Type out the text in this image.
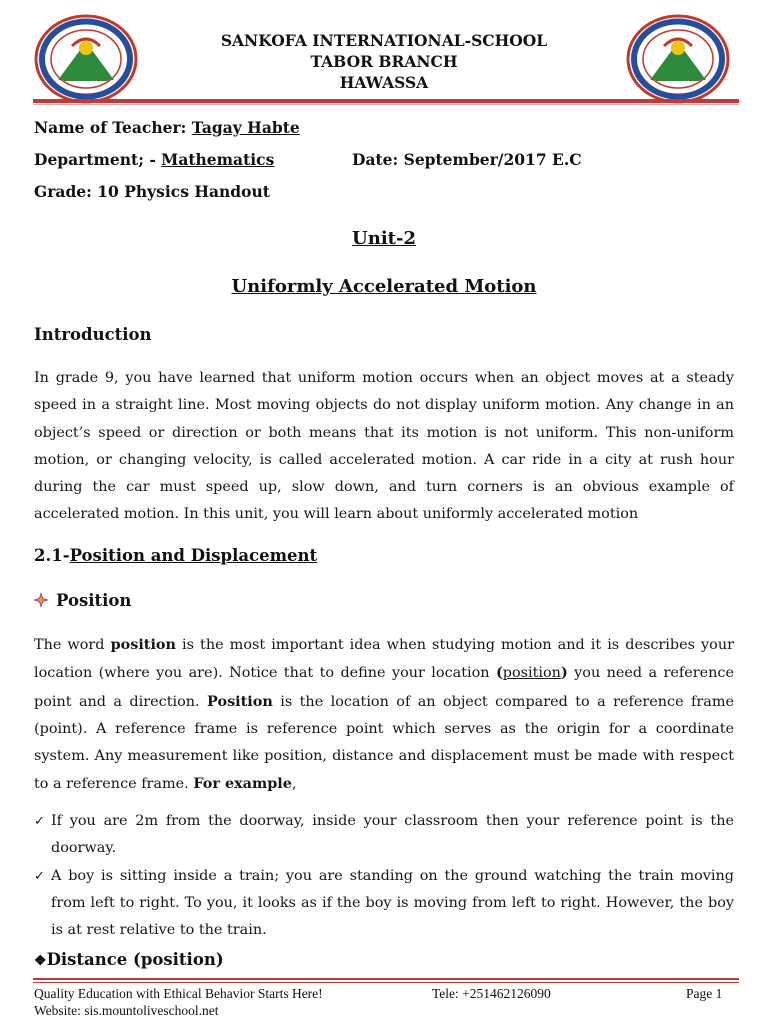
SANKOFA INTERNATIONAL-SCHOOL
TABOR BRANCH
HAWASSA
Name of Teacher: Tagay Habte
Department; - Mathematics	Date: September/2017 E.C
Grade: 10 Physics Handout
Unit-2
Uniformly Accelerated Motion
Introduction
In grade 9, you have learned that uniform motion occurs when an object moves at a steady speed in a straight line. Most moving objects do not display uniform motion. Any change in an object’s speed or direction or both means that its motion is not uniform. This non-uniform motion, or changing velocity, is called accelerated motion. A car ride in a city at rush hour during the car must speed up, slow down, and turn corners is an obvious example of accelerated motion. In this unit, you will learn about uniformly accelerated motion
2.1-Position and Displacement
Position
The word position is the most important idea when studying motion and it is describes your location (where you are). Notice that to define your location (position) you need a reference point and a direction. Position is the location of an object compared to a reference frame (point). A reference frame is reference point which serves as the origin for a coordinate system. Any measurement like position, distance and displacement must be made with respect to a reference frame. For example,
✓ If you are 2m from the doorway, inside your classroom then your reference point is the doorway.
✓ A boy is sitting inside a train; you are standing on the ground watching the train moving from left to right. To you, it looks as if the boy is moving from left to right. However, the boy is at rest relative to the train.
❖Distance (position)
Quality Education with Ethical Behavior Starts Here!	Tele: +251462126090	Page 1
Website: sis.mountoliveschool.net
